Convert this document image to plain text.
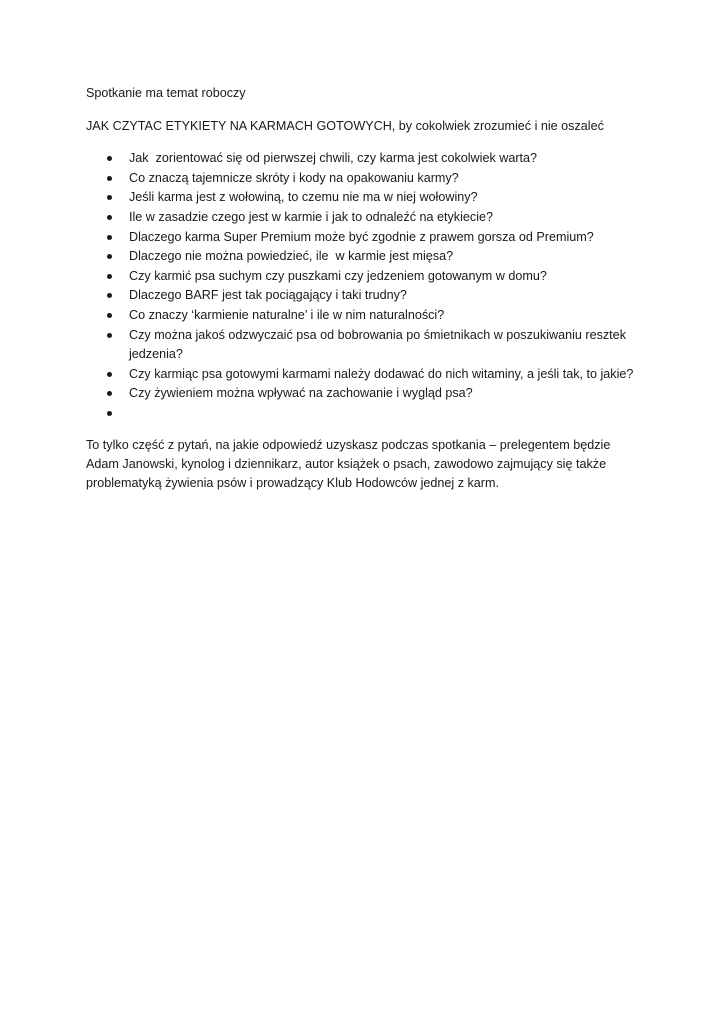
Spotkanie ma temat roboczy

JAK CZYTAC ETYKIETY NA KARMACH GOTOWYCH, by cokolwiek zrozumieć i nie oszaleć

Jak  zorientować się od pierwszej chwili, czy karma jest cokolwiek warta?
Co znaczą tajemnicze skróty i kody na opakowaniu karmy?
Jeśli karma jest z wołowiną, to czemu nie ma w niej wołowiny?
Ile w zasadzie czego jest w karmie i jak to odnaleźć na etykiecie?
Dlaczego karma Super Premium może być zgodnie z prawem gorsza od Premium?
Dlaczego nie można powiedzieć, ile  w karmie jest mięsa?
Czy karmić psa suchym czy puszkami czy jedzeniem gotowanym w domu?
Dlaczego BARF jest tak pociągający i taki trudny?
Co znaczy ‘karmienie naturalne’ i ile w nim naturalności?
Czy można jakoś odzwyczaić psa od bobrowania po śmietnikach w poszukiwaniu resztek jedzenia?
Czy karmiąc psa gotowymi karmami należy dodawać do nich witaminy, a jeśli tak, to jakie?
Czy żywieniem można wpływać na zachowanie i wygląd psa?

To tylko część z pytań, na jakie odpowiedź uzyskasz podczas spotkania – prelegentem będzie Adam Janowski, kynolog i dziennikarz, autor książek o psach, zawodowo zajmujący się także problematyką żywienia psów i prowadzący Klub Hodowców jednej z karm.
